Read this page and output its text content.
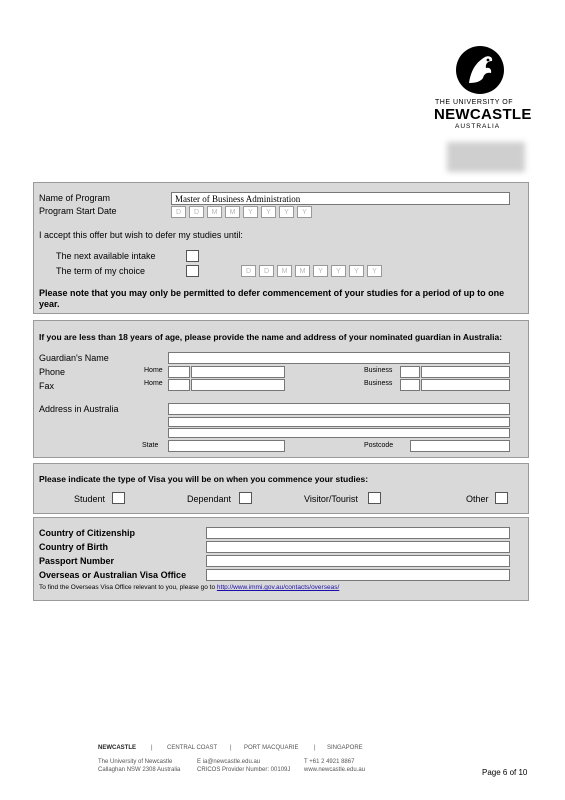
THE UNIVERSITY OF
NEWCASTLE
AUSTRALIA
Name of Program	Master of Business Administration
Program Start Date	D	D	M	M	Y	Y	Y	Y
I accept this offer but wish to defer my studies until:
The next available intake
The term of my choice	D	D	M	M	Y	Y	Y	Y
Please note that you may only be permitted to defer commencement of your studies for a period of up to one year.
If you are less than 18 years of age, please provide the name and address of your nominated guardian in Australia:
Guardian's Name
Phone	Home	Business
Fax	Home	Business
Address in Australia
State	Postcode
Please indicate the type of Visa you will be on when you commence your studies:
Student	Dependant	Visitor/Tourist	Other
Country of Citizenship
Country of Birth
Passport Number
Overseas or Australian Visa Office
To find the Overseas Visa Office relevant to you, please go to http://www.immi.gov.au/contacts/overseas/
NEWCASTLE	| CENTRAL COAST | PORT MACQUARIE	| SINGAPORE
The University of Newcastle
Callaghan NSW 2308 Australia
E ia@newcastle.edu.au
CRICOS Provider Number: 00109J
T +61 2 4921 8867
www.newcastle.edu.au	Page 6 of 10
